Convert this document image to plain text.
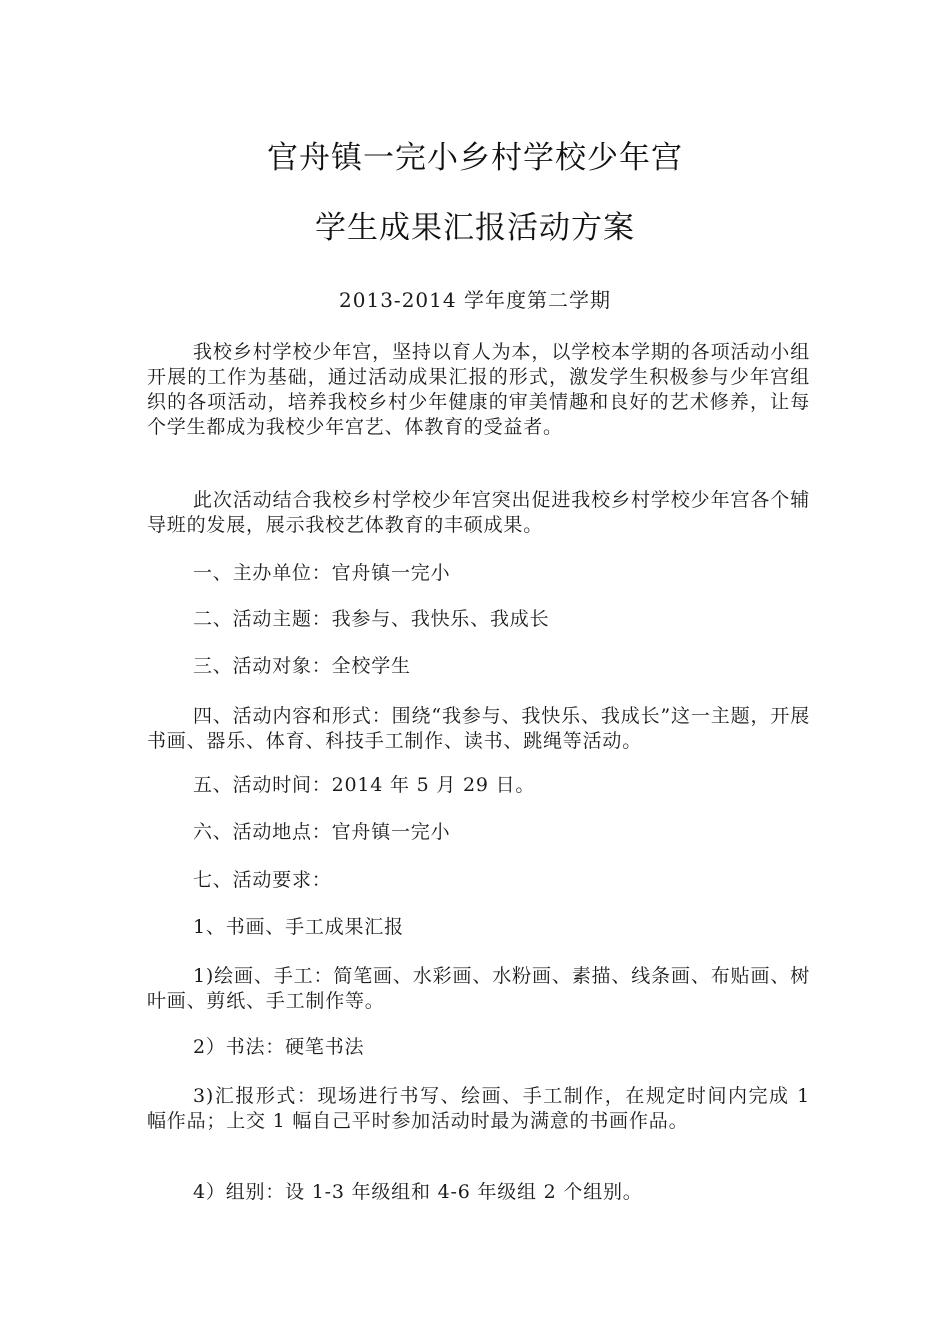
官舟镇一完小乡村学校少年宫
学生成果汇报活动方案
2013-2014 学年度第二学期
我校乡村学校少年宫，坚持以育人为本，以学校本学期的各项活动小组开展的工作为基础，通过活动成果汇报的形式，激发学生积极参与少年宫组织的各项活动，培养我校乡村少年健康的审美情趣和良好的艺术修养，让每个学生都成为我校少年宫艺、体教育的受益者。
此次活动结合我校乡村学校少年宫突出促进我校乡村学校少年宫各个辅导班的发展，展示我校艺体教育的丰硕成果。
一、主办单位：官舟镇一完小
二、活动主题：我参与、我快乐、我成长
三、活动对象：全校学生
四、活动内容和形式：围绕“我参与、我快乐、我成长”这一主题，开展书画、器乐、体育、科技手工制作、读书、跳绳等活动。
五、活动时间：2014 年 5 月 29 日。
六、活动地点：官舟镇一完小
七、活动要求：
1、书画、手工成果汇报
1)绘画、手工：简笔画、水彩画、水粉画、素描、线条画、布贴画、树叶画、剪纸、手工制作等。
2）书法：硬笔书法
3)汇报形式：现场进行书写、绘画、手工制作，在规定时间内完成 1 幅作品；上交 1 幅自己平时参加活动时最为满意的书画作品。
4）组别：设 1-3 年级组和 4-6 年级组 2 个组别。
